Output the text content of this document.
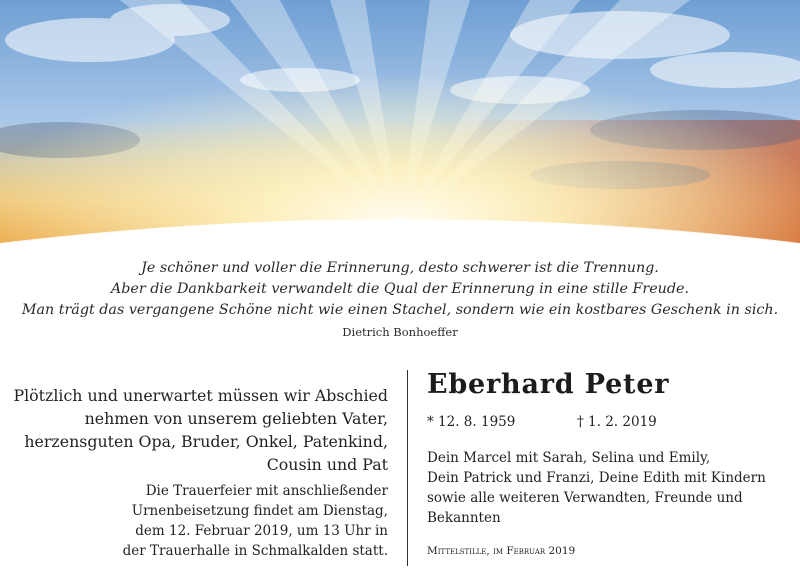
Je schöner und voller die Erinnerung, desto schwerer ist die Trennung.
Aber die Dankbarkeit verwandelt die Qual der Erinnerung in eine stille Freude.
Man trägt das vergangene Schöne nicht wie einen Stachel, sondern wie ein kostbares Geschenk in sich.
Dietrich Bonhoeffer
Plötzlich und unerwartet müssen wir Abschied
nehmen von unserem geliebten Vater,
herzensguten Opa, Bruder, Onkel, Patenkind,
Cousin und Pat
Die Trauerfeier mit anschließender
Urnenbeisetzung findet am Dienstag,
dem 12. Februar 2019, um 13 Uhr in
der Trauerhalle in Schmalkalden statt.
Eberhard Peter
* 12. 8. 1959	† 1. 2. 2019
Dein Marcel mit Sarah, Selina und Emily,
Dein Patrick und Franzi, Deine Edith mit Kindern
sowie alle weiteren Verwandten, Freunde und
Bekannten
Mittelstille, im Februar 2019
